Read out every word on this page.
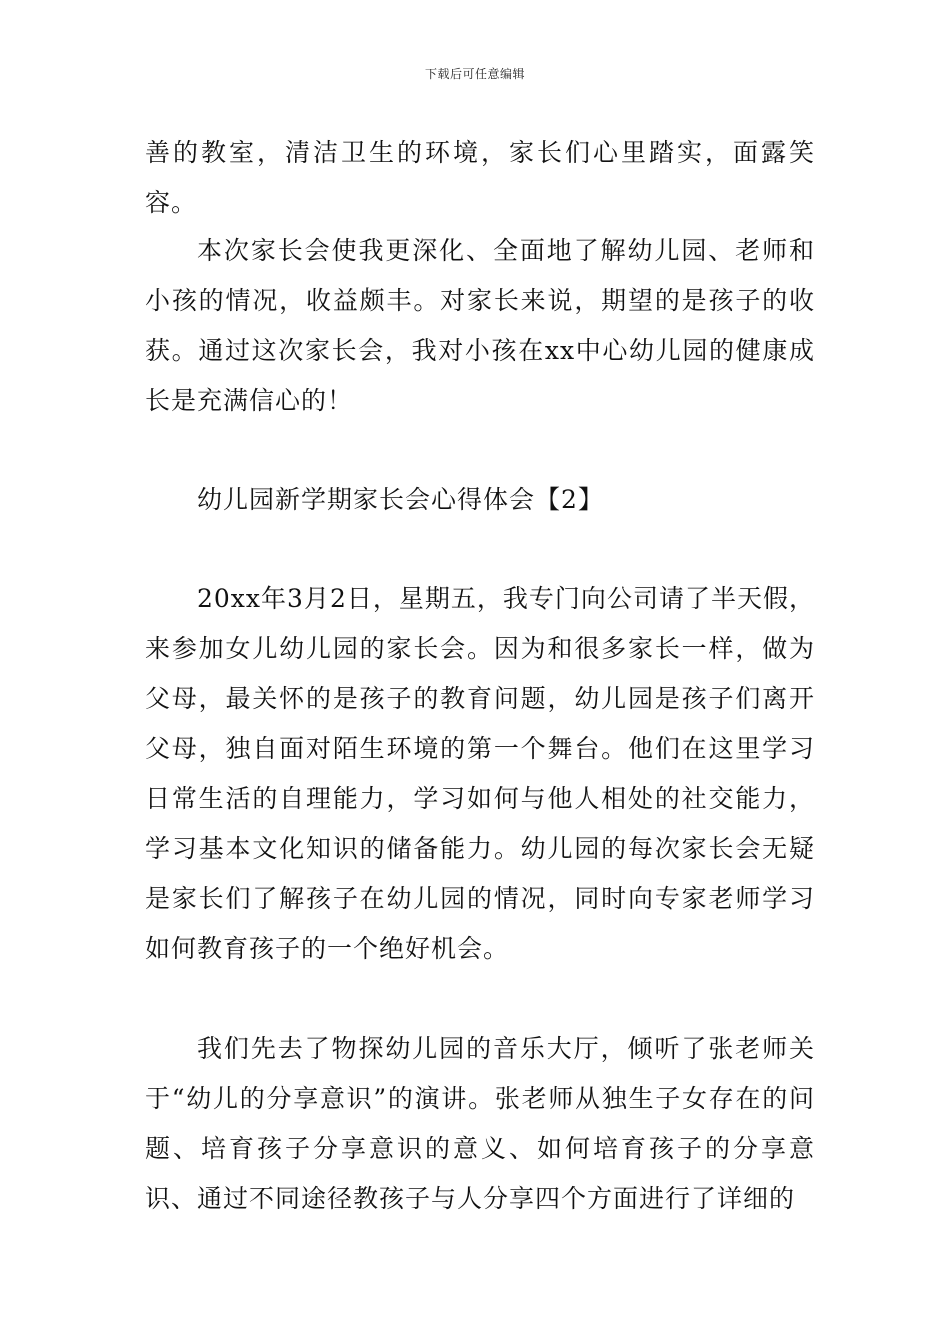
下载后可任意编辑

善的教室，清洁卫生的环境，家长们心里踏实，面露笑容。

本次家长会使我更深化、全面地了解幼儿园、老师和小孩的情况，收益颇丰。对家长来说，期望的是孩子的收获。通过这次家长会，我对小孩在xx中心幼儿园的健康成长是充满信心的！

幼儿园新学期家长会心得体会【2】

20xx年3月2日，星期五，我专门向公司请了半天假，来参加女儿幼儿园的家长会。因为和很多家长一样，做为父母，最关怀的是孩子的教育问题，幼儿园是孩子们离开父母，独自面对陌生环境的第一个舞台。他们在这里学习日常生活的自理能力，学习如何与他人相处的社交能力，学习基本文化知识的储备能力。幼儿园的每次家长会无疑是家长们了解孩子在幼儿园的情况，同时向专家老师学习如何教育孩子的一个绝好机会。

我们先去了物探幼儿园的音乐大厅，倾听了张老师关于“幼儿的分享意识”的演讲。张老师从独生子女存在的问题、培育孩子分享意识的意义、如何培育孩子的分享意识、通过不同途径教孩子与人分享四个方面进行了详细的
